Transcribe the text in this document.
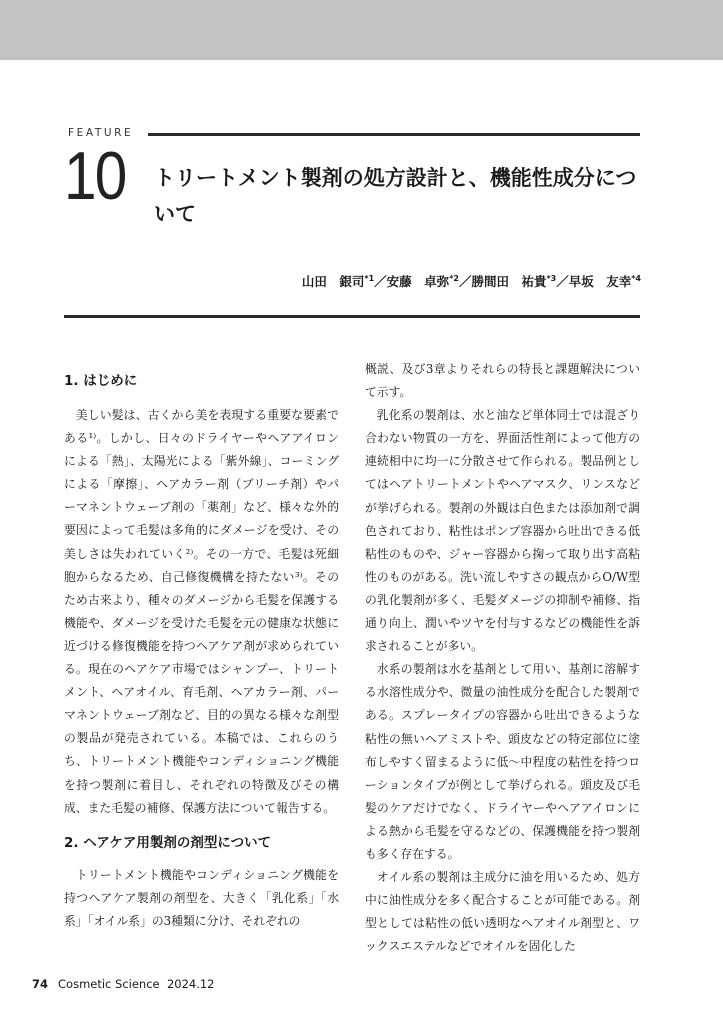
FEATURE
10 トリートメント製剤の処方設計と、機能性成分について
山田　銀司$^{*1}$／安藤　卓弥$^{*2}$／勝間田　祐貴$^{*3}$／早坂　友幸$^{*4}$
1. はじめに

美しい髪は、古くから美を表現する重要な要素である¹⁾。しかし、日々のドライヤーやヘアアイロンによる「熱」、太陽光による「紫外線」、コーミングによる「摩擦」、ヘアカラー剤（ブリーチ剤）やパーマネントウェーブ剤の「薬剤」など、様々な外的要因によって毛髪は多角的にダメージを受け、その美しさは失われていく²⁾。その一方で、毛髪は死細胞からなるため、自己修復機構を持たない³⁾。そのため古来より、種々のダメージから毛髪を保護する機能や、ダメージを受けた毛髪を元の健康な状態に近づける修復機能を持つヘアケア剤が求められている。現在のヘアケア市場ではシャンプー、トリートメント、ヘアオイル、育毛剤、ヘアカラー剤、パーマネントウェーブ剤など、目的の異なる様々な剤型の製品が発売されている。本稿では、これらのうち、トリートメント機能やコンディショニング機能を持つ製剤に着目し、それぞれの特徴及びその構成、また毛髪の補修、保護方法について報告する。

2. ヘアケア用製剤の剤型について

トリートメント機能やコンディショニング機能を持つヘアケア製剤の剤型を、大きく「乳化系」「水系」「オイル系」の3種類に分け、それぞれの

概説、及び3章よりそれらの特長と課題解決について示す。

乳化系の製剤は、水と油など単体同士では混ざり合わない物質の一方を、界面活性剤によって他方の連続相中に均一に分散させて作られる。製品例としてはヘアトリートメントやヘアマスク、リンスなどが挙げられる。製剤の外観は白色または添加剤で調色されており、粘性はポンプ容器から吐出できる低粘性のものや、ジャー容器から掬って取り出す高粘性のものがある。洗い流しやすさの観点からO/W型の乳化製剤が多く、毛髪ダメージの抑制や補修、指通り向上、潤いやツヤを付与するなどの機能性を訴求されることが多い。

水系の製剤は水を基剤として用い、基剤に溶解する水溶性成分や、微量の油性成分を配合した製剤である。スプレータイプの容器から吐出できるような粘性の無いヘアミストや、頭皮などの特定部位に塗布しやすく留まるように低〜中程度の粘性を持つローションタイプが例として挙げられる。頭皮及び毛髪のケアだけでなく、ドライヤーやヘアアイロンによる熱から毛髪を守るなどの、保護機能を持つ製剤も多く存在する。

オイル系の製剤は主成分に油を用いるため、処方中に油性成分を多く配合することが可能である。剤型としては粘性の低い透明なヘアオイル剤型と、ワックスエステルなどでオイルを固化した

74 Cosmetic Science 2024.12
